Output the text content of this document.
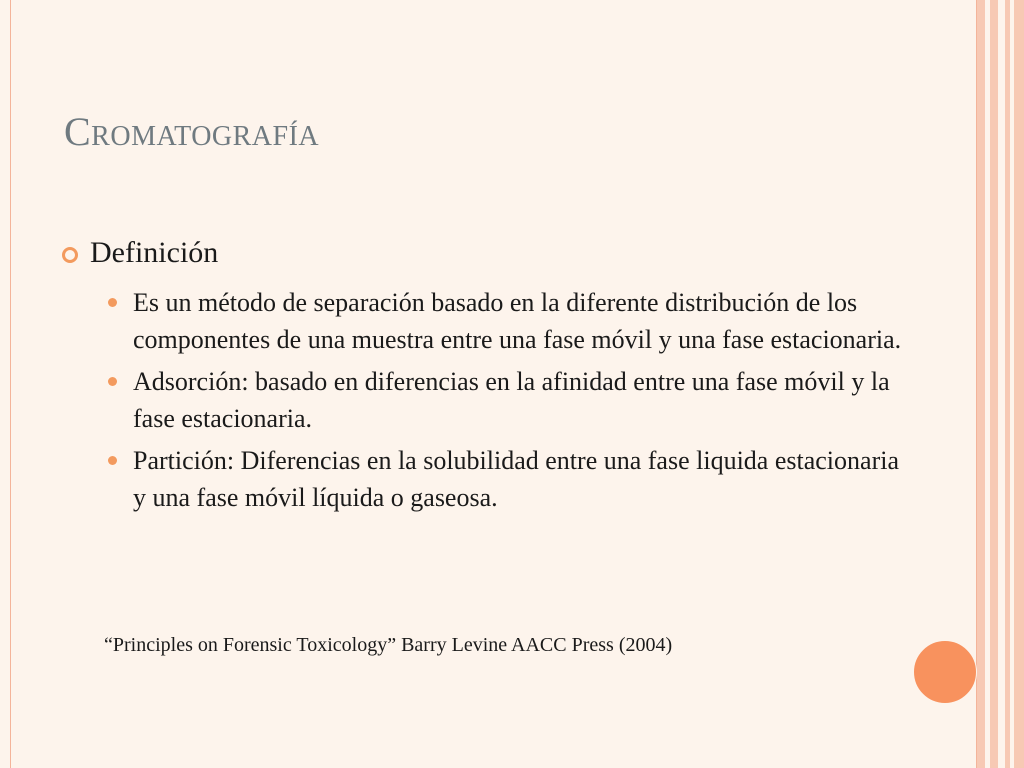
Cromatografía
Definición
Es un método de separación basado en la diferente distribución de los componentes de una muestra entre una fase móvil y una fase estacionaria.
Adsorción: basado en diferencias en la afinidad entre una fase móvil y la fase estacionaria.
Partición: Diferencias en la solubilidad entre una fase liquida estacionaria y una fase móvil líquida o gaseosa.
“Principles on Forensic Toxicology” Barry Levine AACC Press (2004)
